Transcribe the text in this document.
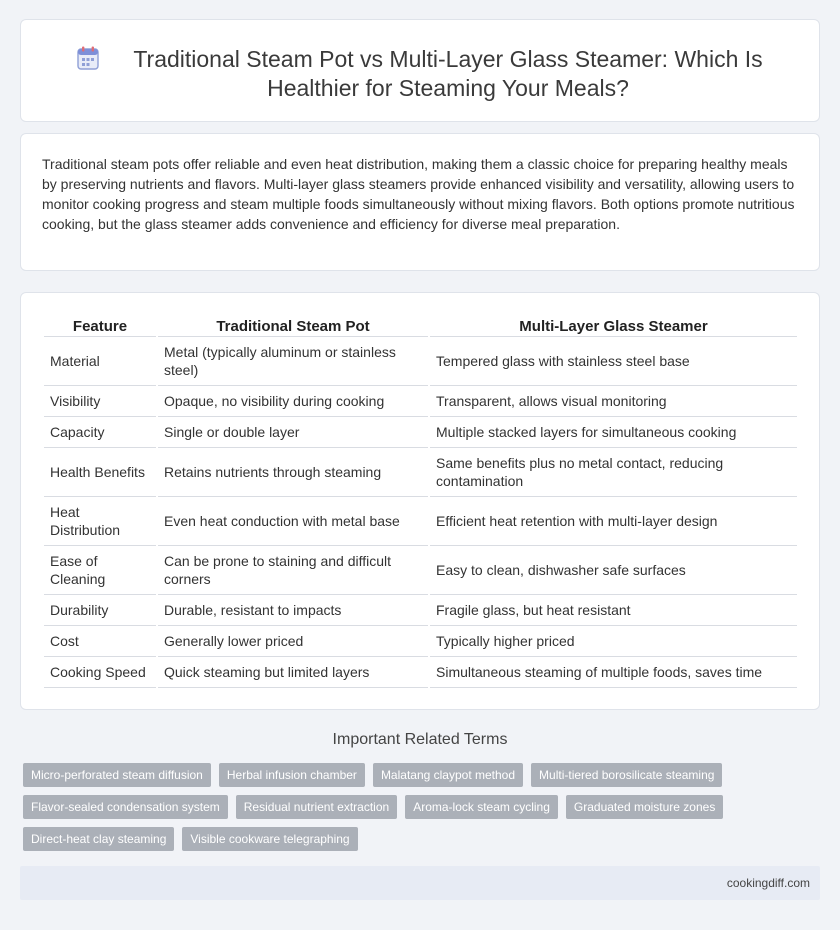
Traditional Steam Pot vs Multi-Layer Glass Steamer: Which Is Healthier for Steaming Your Meals?

Traditional steam pots offer reliable and even heat distribution, making them a classic choice for preparing healthy meals by preserving nutrients and flavors. Multi-layer glass steamers provide enhanced visibility and versatility, allowing users to monitor cooking progress and steam multiple foods simultaneously without mixing flavors. Both options promote nutritious cooking, but the glass steamer adds convenience and efficiency for diverse meal preparation.

Feature	Traditional Steam Pot	Multi-Layer Glass Steamer
Material	Metal (typically aluminum or stainless steel)	Tempered glass with stainless steel base
Visibility	Opaque, no visibility during cooking	Transparent, allows visual monitoring
Capacity	Single or double layer	Multiple stacked layers for simultaneous cooking
Health Benefits	Retains nutrients through steaming	Same benefits plus no metal contact, reducing contamination
Heat Distribution	Even heat conduction with metal base	Efficient heat retention with multi-layer design
Ease of Cleaning	Can be prone to staining and difficult corners	Easy to clean, dishwasher safe surfaces
Durability	Durable, resistant to impacts	Fragile glass, but heat resistant
Cost	Generally lower priced	Typically higher priced
Cooking Speed	Quick steaming but limited layers	Simultaneous steaming of multiple foods, saves time
Important Related Terms
Micro-perforated steam diffusion	Herbal infusion chamber	Malatang claypot method	Multi-tiered borosilicate steaming
Flavor-sealed condensation system	Residual nutrient extraction	Aroma-lock steam cycling	Graduated moisture zones
Direct-heat clay steaming	Visible cookware telegraphing
cookingdiff.com
